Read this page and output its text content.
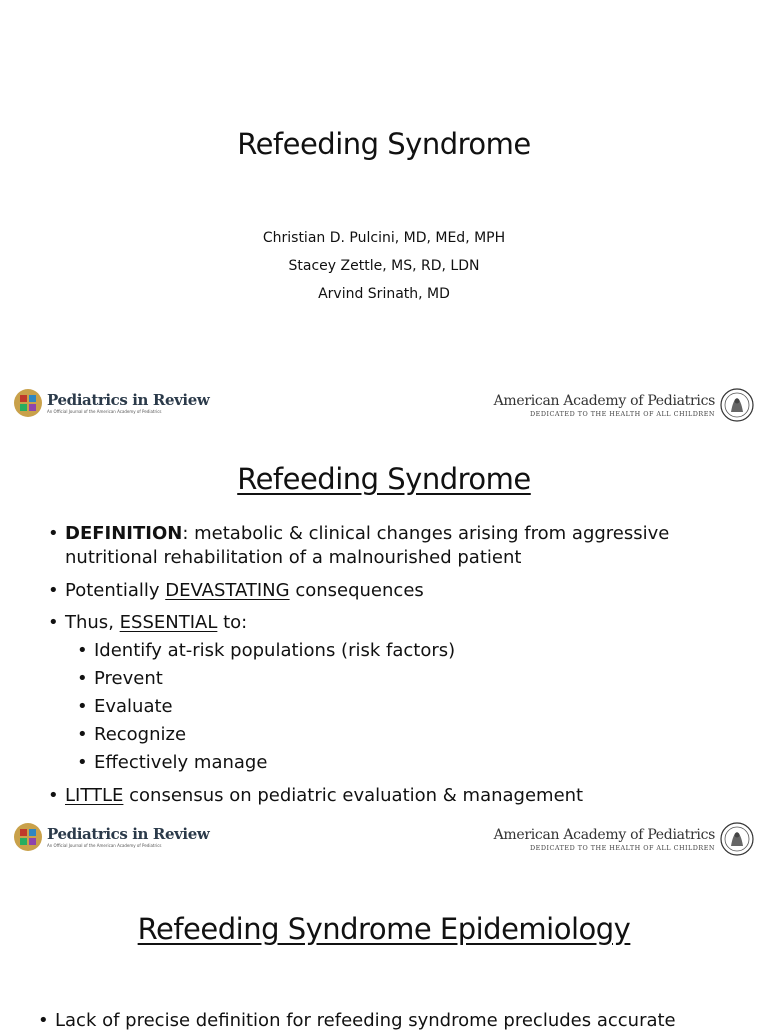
Refeeding Syndrome
Christian D. Pulcini, MD, MEd, MPH
Stacey Zettle, MS, RD, LDN
Arvind Srinath, MD
Pediatrics in Review
An Official Journal of the American Academy of Pediatrics
American Academy of Pediatrics
DEDICATED TO THE HEALTH OF ALL CHILDREN
Refeeding Syndrome
• DEFINITION: metabolic & clinical changes arising from aggressive nutritional rehabilitation of a malnourished patient
• Potentially DEVASTATING consequences
• Thus, ESSENTIAL to:
• Identify at-risk populations (risk factors)
• Prevent
• Evaluate
• Recognize
• Effectively manage
• LITTLE consensus on pediatric evaluation & management
Pediatrics in Review
An Official Journal of the American Academy of Pediatrics
American Academy of Pediatrics
DEDICATED TO THE HEALTH OF ALL CHILDREN
Refeeding Syndrome Epidemiology
• Lack of precise definition for refeeding syndrome precludes accurate
